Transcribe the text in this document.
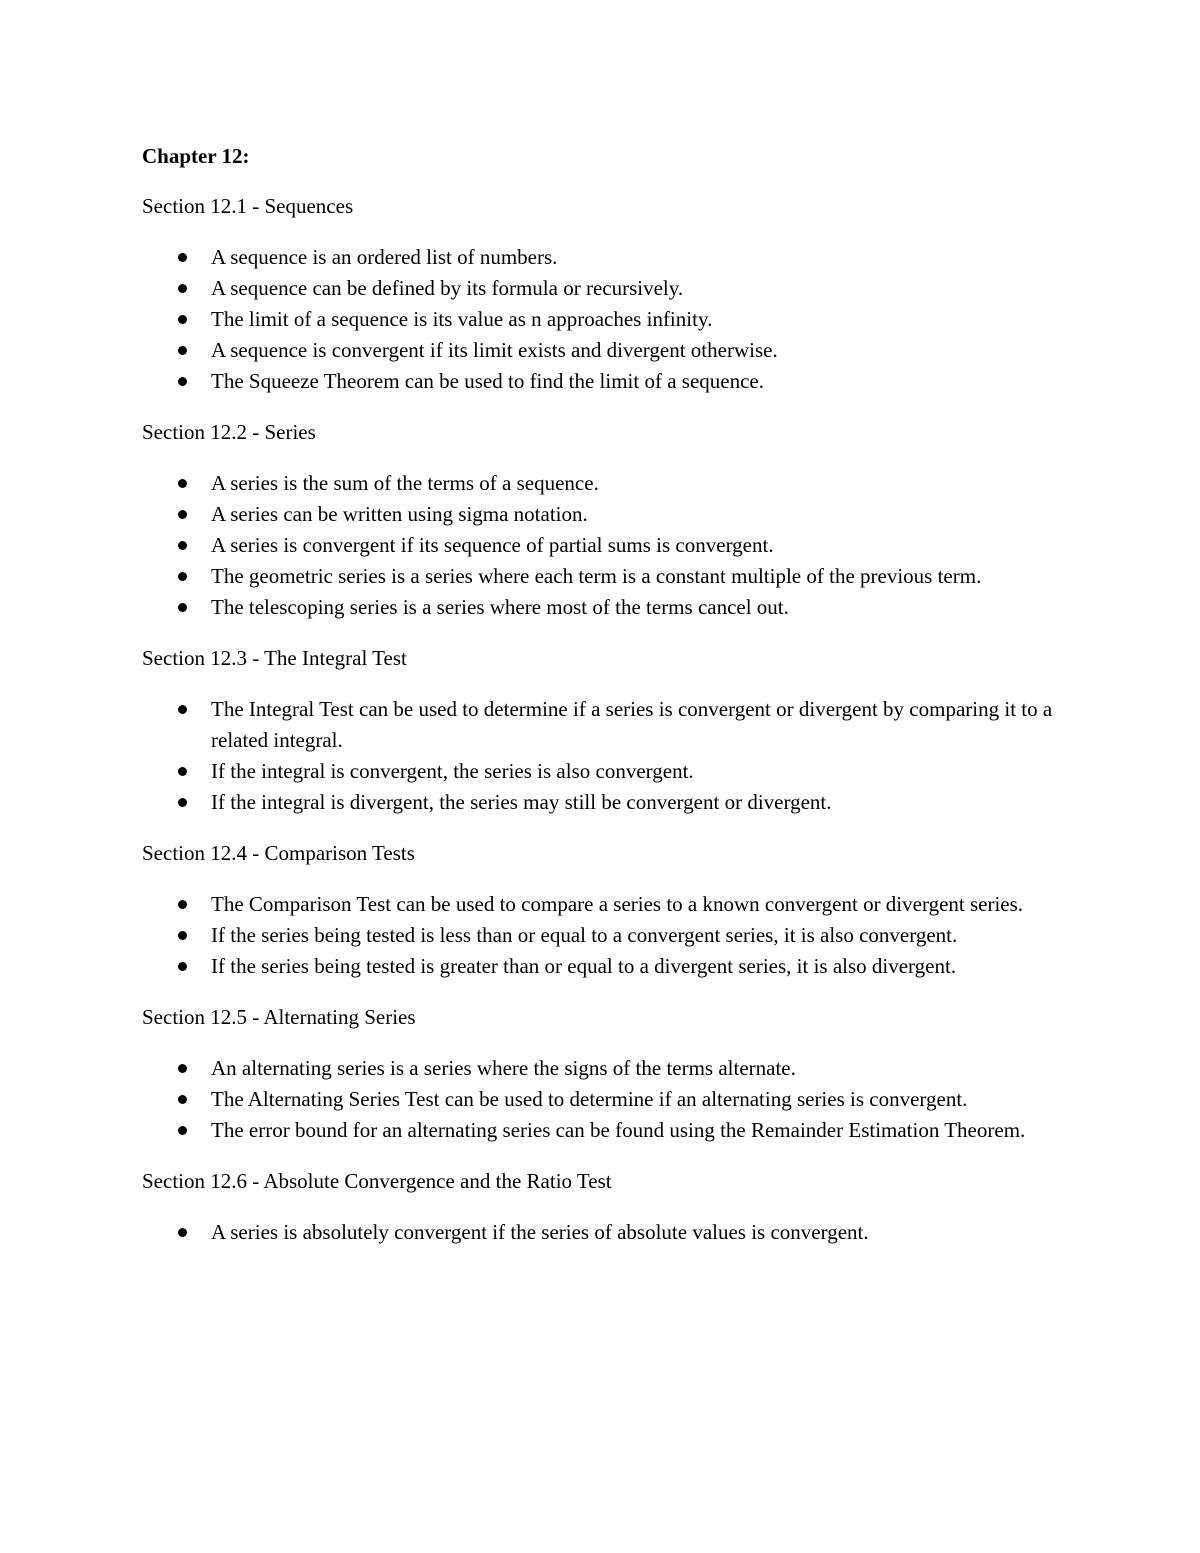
Chapter 12:
Section 12.1 - Sequences
A sequence is an ordered list of numbers.
A sequence can be defined by its formula or recursively.
The limit of a sequence is its value as n approaches infinity.
A sequence is convergent if its limit exists and divergent otherwise.
The Squeeze Theorem can be used to find the limit of a sequence.
Section 12.2 - Series
A series is the sum of the terms of a sequence.
A series can be written using sigma notation.
A series is convergent if its sequence of partial sums is convergent.
The geometric series is a series where each term is a constant multiple of the previous term.
The telescoping series is a series where most of the terms cancel out.
Section 12.3 - The Integral Test
The Integral Test can be used to determine if a series is convergent or divergent by comparing it to a related integral.
If the integral is convergent, the series is also convergent.
If the integral is divergent, the series may still be convergent or divergent.
Section 12.4 - Comparison Tests
The Comparison Test can be used to compare a series to a known convergent or divergent series.
If the series being tested is less than or equal to a convergent series, it is also convergent.
If the series being tested is greater than or equal to a divergent series, it is also divergent.
Section 12.5 - Alternating Series
An alternating series is a series where the signs of the terms alternate.
The Alternating Series Test can be used to determine if an alternating series is convergent.
The error bound for an alternating series can be found using the Remainder Estimation Theorem.
Section 12.6 - Absolute Convergence and the Ratio Test
A series is absolutely convergent if the series of absolute values is convergent.
